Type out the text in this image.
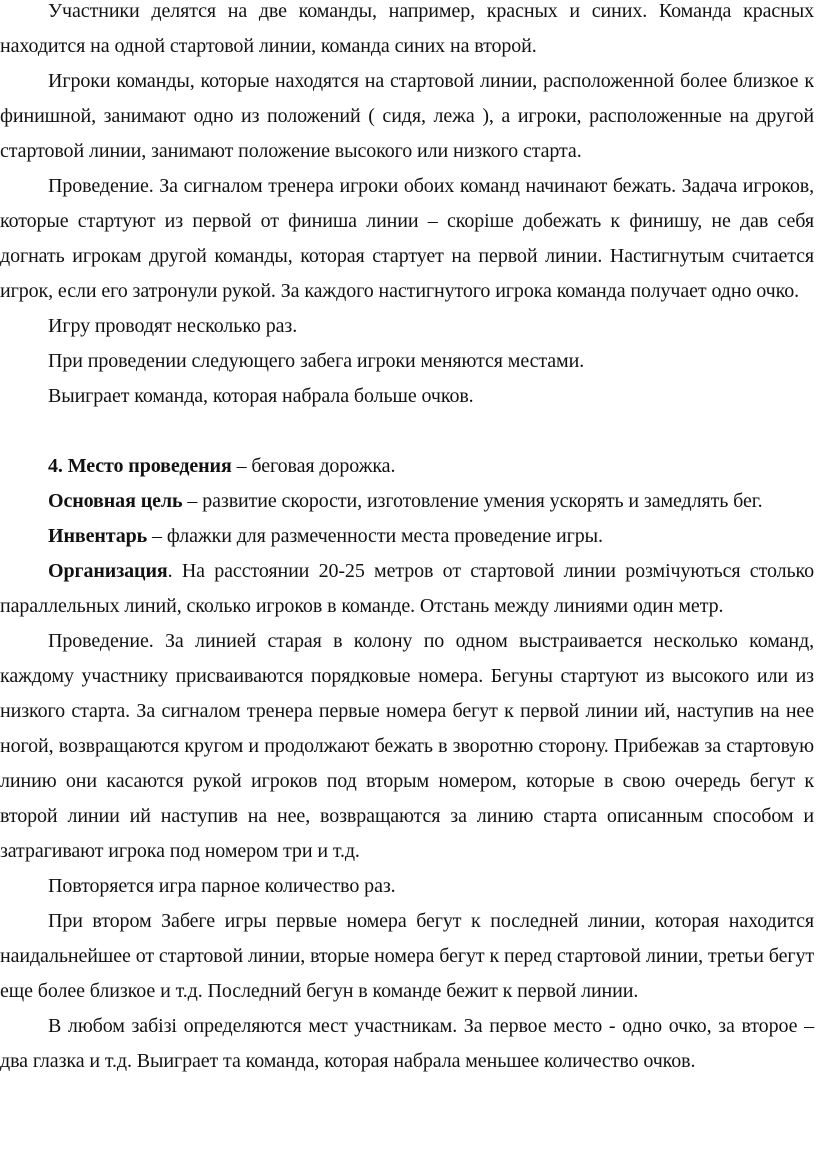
Участники делятся на две команды, например, красных и синих. Команда красных находится на одной стартовой линии, команда синих на второй.

Игроки команды, которые находятся на стартовой линии, расположенной более близкое к финишной, занимают одно из положений ( сидя, лежа ), а игроки, расположенные на другой стартовой линии, занимают положение высокого или низкого старта.

Проведение. За сигналом тренера игроки обоих команд начинают бежать. Задача игроков, которые стартуют из первой от финиша линии – скоріше добежать к финишу, не дав себя догнать игрокам другой команды, которая стартует на первой линии. Настигнутым считается игрок, если его затронули рукой. За каждого настигнутого игрока команда получает одно очко.

Игру проводят несколько раз.

При проведении следующего забега игроки меняются местами.

Выиграет команда, которая набрала больше очков.

4. Место проведения – беговая дорожка.

Основная цель – развитие скорости, изготовление умения ускорять и замедлять бег.

Инвентарь – флажки для размеченности места проведение игры.

Организация. На расстоянии 20-25 метров от стартовой линии розмічуються столько параллельных линий, сколько игроков в команде. Отстань между линиями один метр.

Проведение. За линией старая в колону по одном выстраивается несколько команд, каждому участнику присваиваются порядковые номера. Бегуны стартуют из высокого или из низкого старта. За сигналом тренера первые номера бегут к первой линии ий, наступив на нее ногой, возвращаются кругом и продолжают бежать в зворотню сторону. Прибежав за стартовую линию они касаются рукой игроков под вторым номером, которые в свою очередь бегут к второй линии ий наступив на нее, возвращаются за линию старта описанным способом и затрагивают игрока под номером три и т.д.

Повторяется игра парное количество раз.

При втором Забеге игры первые номера бегут к последней линии, которая находится наидальнейшее от стартовой линии, вторые номера бегут к перед стартовой линии, третьи бегут еще более близкое и т.д. Последний бегун в команде бежит к первой линии.

В любом забізі определяются мест участникам. За первое место - одно очко, за второе – два глазка и т.д. Выиграет та команда, которая набрала меньшее количество очков.
